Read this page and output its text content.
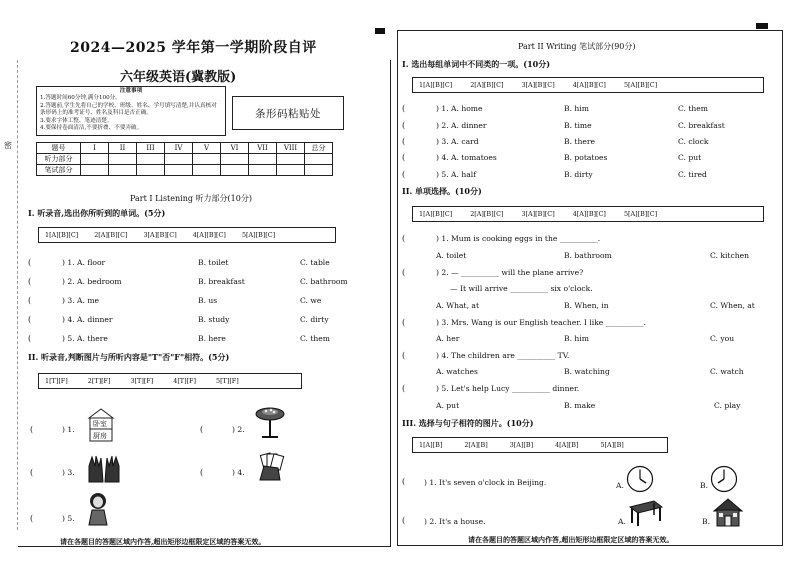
密
2024—2025 学年第一学期阶段自评
六年级英语(冀教版)
注意事项
1.答题时间60分钟,满分100分。
2.答题前,学生先将自己的学校、班级、姓名、学号填写清楚,并认真核对条形码上的准考证号、姓名及科目是否正确。
3.要求字体工整、笔迹清楚。
4.要保持卷面清洁,不要折叠、不要弄破。
条形码粘贴处
题号	I	II	III	IV	V	VI	VII	VIII	总分
听力部分									
笔试部分									
Part I Listening 听力部分(10分)
I. 听录音,选出你所听到的单词。(5分)
1[A][B][C]	2[A][B][C]	3[A][B][C]	4[A][B][C]	5[A][B][C]
(	) 1. A. floor	B. toilet	C. table
(	) 2. A. bedroom	B. breakfast	C. bathroom
(	) 3. A. me	B. us	C. we
(	) 4. A. dinner	B. study	C. dirty
(	) 5. A. there	B. here	C. them
II. 听录音,判断图片与所听内容是"T"否"F"相符。(5分)
1[T][F]	2[T][F]	3[T][F]	4[T][F]	5[T][F]
(	) 1.
卧室
厨房
(	) 2.
(	) 3.	(	) 4.
(	) 5.
请在各题目的答题区域内作答,超出矩形边框限定区域的答案无效。
Part II Writing 笔试部分(90分)
I. 选出每组单词中不同类的一项。(10分)
1[A][B][C]	2[A][B][C]	3[A][B][C]	4[A][B][C]	5[A][B][C]
(	) 1. A. home	B. him	C. them
(	) 2. A. dinner	B. time	C. breakfast
(	) 3. A. card	B. there	C. clock
(	) 4. A. tomatoes	B. potatoes	C. put
(	) 5. A. half	B. dirty	C. tired
II. 单项选择。(10分)
1[A][B][C]	2[A][B][C]	3[A][B][C]	4[A][B][C]	5[A][B][C]
(	) 1. Mum is cooking eggs in the __________.
A. toilet	B. bathroom	C. kitchen
(	) 2. — __________ will the plane arrive?
— It will arrive __________ six o'clock.
A. What, at	B. When, in	C. When, at
(	) 3. Mrs. Wang is our English teacher. I like __________.
A. her	B. him	C. you
(	) 4. The children are __________ TV.
A. watches	B. watching	C. watch
(	) 5. Let's help Lucy __________ dinner.
A. put	B. make	C. play
III. 选择与句子相符的图片。(10分)
1[A][B]	2[A][B]	3[A][B]	4[A][B]	5[A][B]
( ) 1. It's seven o'clock in Beijing.	A.	B.
( ) 2. It's a house.	A.	B.
请在各题目的答题区域内作答,超出矩形边框限定区域的答案无效。
